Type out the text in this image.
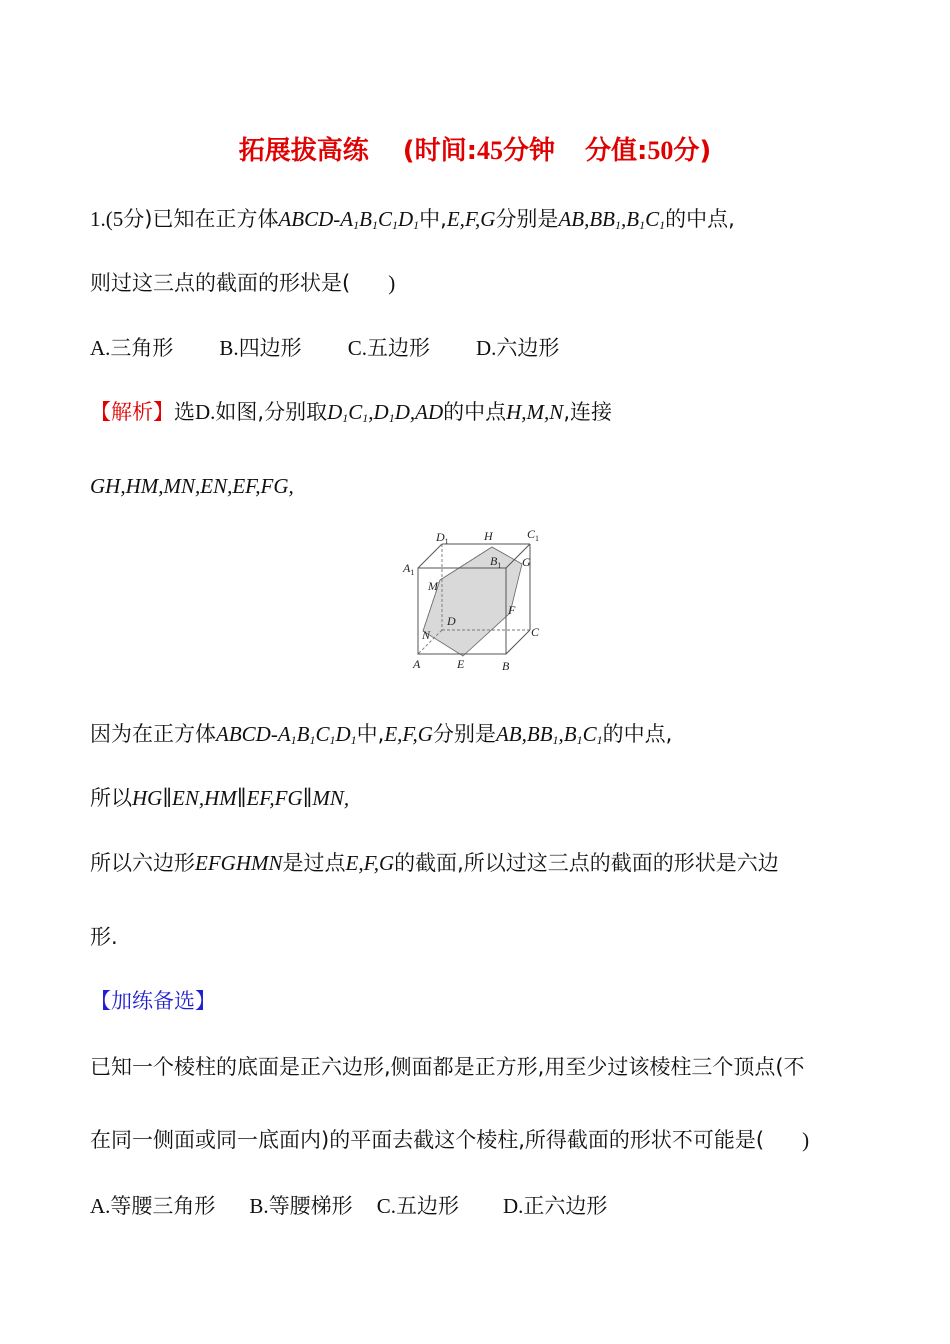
拓展拔高练 (时间:45分钟 分值:50分)
1.(5分)已知在正方体ABCD-$A_1B_1C_1D_1$中,E,F,G分别是$AB,BB_1,B_1C_1$的中点,
则过这三点的截面的形状是( )
A.三角形 B.四边形 C.五边形 D.六边形
【解析】选D.如图,分别取$D_1C_1,D_1D,AD$的中点H,M,N,连接
GH,HM,MN,EN,EF,FG,
$D_1$	H	$C_1$
$A_1$
$B_1$ G
M
F
D
C
N
A	E	B
因为在正方体ABCD-$A_1B_1C_1D_1$中,E,F,G分别是$AB,BB_1,B_1C_1$的中点,
所以HG∥EN,HM∥EF,FG∥MN,
所以六边形EFGHMN是过点E,F,G的截面,所以过这三点的截面的形状是六边
形.
【加练备选】
已知一个棱柱的底面是正六边形,侧面都是正方形,用至少过该棱柱三个顶点(不
在同一侧面或同一底面内)的平面去截这个棱柱,所得截面的形状不可能是( )
A.等腰三角形 B.等腰梯形 C.五边形 D.正六边形
